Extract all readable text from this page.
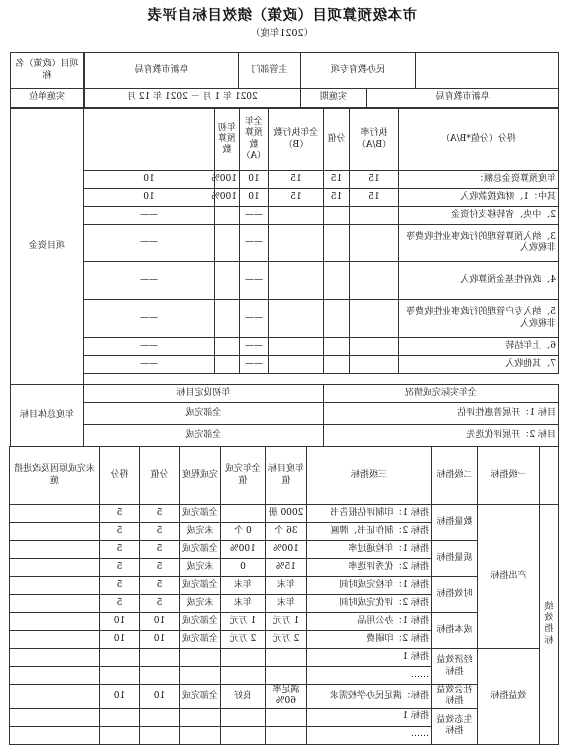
市本级预算项目（政策）绩效目标自评表
（2021年度）
	民办教育专项		主管部门	阜新市教育局
阜新市教育局		实施期	2021 年 1 月 － 2021 年 12 月	
项目（政策）名称
实施单位
得分（分值*B/A）	执行率（B/A）	分值	全年执行数（B）	全年预算数（A）	年初预算数	
年度预算资金总额：	15	15	15	10	100%	10
其中：1、财政拨款收入	15	15	15	10	100%	10
2、中央、省转移支付资金				——		——
3、纳入预算管理的行政事业性收费等非税收入				——		——
4、政府性基金预算收入				——		——
5、纳入专户管理的行政事业性收费等非税收入				——		——
6、上年结转				——		——
7、其他收入				——		——
项目资金
全年实际完成情况	年初设定目标
目标 1：开展普惠性评估	全部完成
目标 2：开展评优选先	全部完成
年度总体目标
	一级指标	二级指标	三级指标	年度目标值	全年完成值	完成程度	分值	得分	未完成原因及改进措施
绩效指标	产出指标	数量指标	指标 1：印制评估报告书	2000 册		全部完成	5	5	
			指标 2：制作证书、牌匾	36 个	0 个	未完成	5	5	
		质量指标	指标 1：年检通过率	100%	100%	全部完成	5	5	
			指标 2：优秀评选率	15%	0	未完成	5	5	
		时效指标	指标 1：年检完成时间	年末	年末	全部完成	5	5	
			指标 2：评优完成时间	年末	年末	未完成	5	5	
		成本指标	指标 1：办公用品	1 万元	1 万元	全部完成	10	10	
			指标 2：印刷费	2 万元	2 万元	全部完成	10	10	
	效益指标	经济效益指标	指标 1						
			……						
		社会效益指标	指标：满足民办学校需求	满足率 60%	良好	全部完成	10	10	
		生态效益指标	指标 1						
			……						
